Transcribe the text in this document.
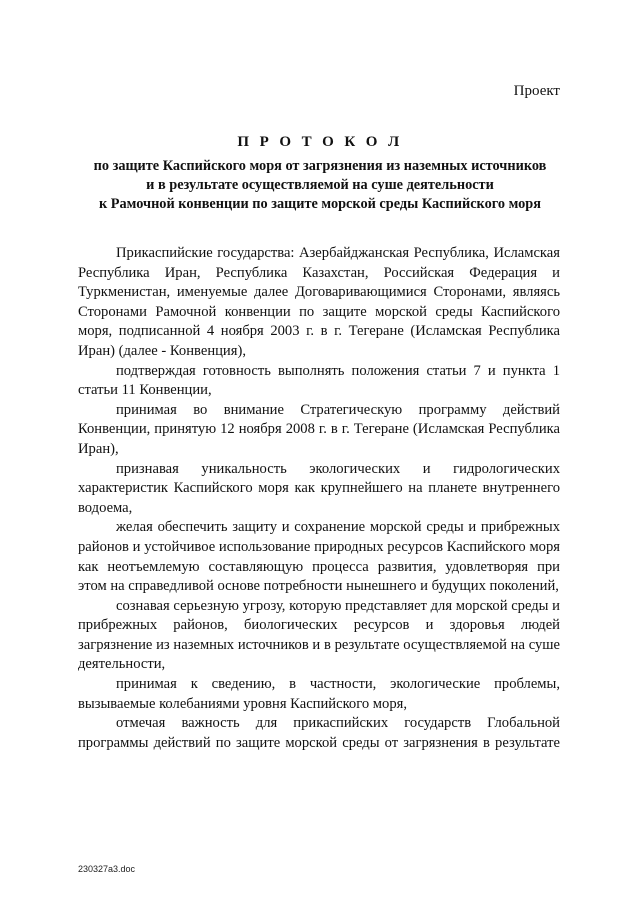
Проект
П Р О Т О К О Л
по защите Каспийского моря от загрязнения из наземных источников
и в результате осуществляемой на суше деятельности
к Рамочной конвенции по защите морской среды Каспийского моря

Прикаспийские государства: Азербайджанская Республика, Исламская Республика Иран, Республика Казахстан, Российская Федерация и Туркменистан, именуемые далее Договаривающимися Сторонами, являясь Сторонами Рамочной конвенции по защите морской среды Каспийского моря, подписанной 4 ноября 2003 г. в г. Тегеране (Исламская Республика Иран) (далее - Конвенция),

подтверждая готовность выполнять положения статьи 7 и пункта 1 статьи 11 Конвенции,

принимая во внимание Стратегическую программу действий Конвенции, принятую 12 ноября 2008 г. в г. Тегеране (Исламская Республика Иран),

признавая уникальность экологических и гидрологических характеристик Каспийского моря как крупнейшего на планете внутреннего водоема,

желая обеспечить защиту и сохранение морской среды и прибрежных районов и устойчивое использование природных ресурсов Каспийского моря как неотъемлемую составляющую процесса развития, удовлетворяя при этом на справедливой основе потребности нынешнего и будущих поколений,

сознавая серьезную угрозу, которую представляет для морской среды и прибрежных районов, биологических ресурсов и здоровья людей загрязнение из наземных источников и в результате осуществляемой на суше деятельности,

принимая к сведению, в частности, экологические проблемы, вызываемые колебаниями уровня Каспийского моря,

отмечая важность для прикаспийских государств Глобальной программы действий по защите морской среды от загрязнения в результате

230327a3.doc
